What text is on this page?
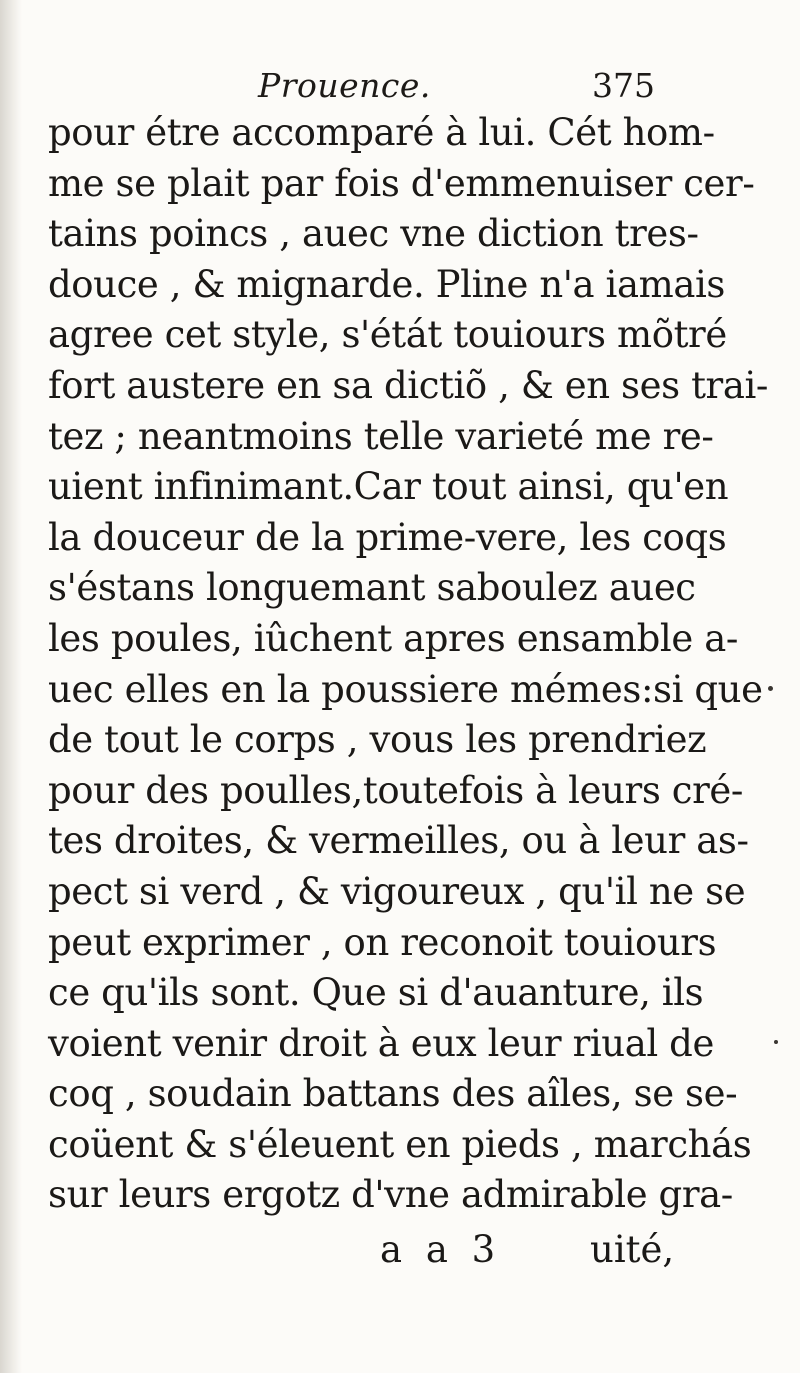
Prouence.	375
pour étre accomparé à lui. Cét hom-
me se plait par fois d'emmenuiser cer-
tains poincs , auec vne diction tres-
douce , & mignarde. Pline n'a iamais
agree cet style, s'étát touiours mõtré
fort austere en sa dictiõ , & en ses trai-
tez ; neantmoins telle varieté me re-
uient infinimant.Car tout ainsi, qu'en
la douceur de la prime-vere, les coqs
s'éstans longuemant saboulez auec
les poules, iûchent apres ensamble a-
uec elles en la poussiere mémes:si que
de tout le corps , vous les prendriez
pour des poulles,toutefois à leurs cré-
tes droites, & vermeilles, ou à leur as-
pect si verd , & vigoureux , qu'il ne se
peut exprimer , on reconoit touiours
ce qu'ils sont. Que si d'auanture, ils
voient venir droit à eux leur riual de
coq , soudain battans des aîles, se se-
coüent & s'éleuent en pieds , marchás
sur leurs ergotz d'vne admirable gra-
a a 3	uité,
